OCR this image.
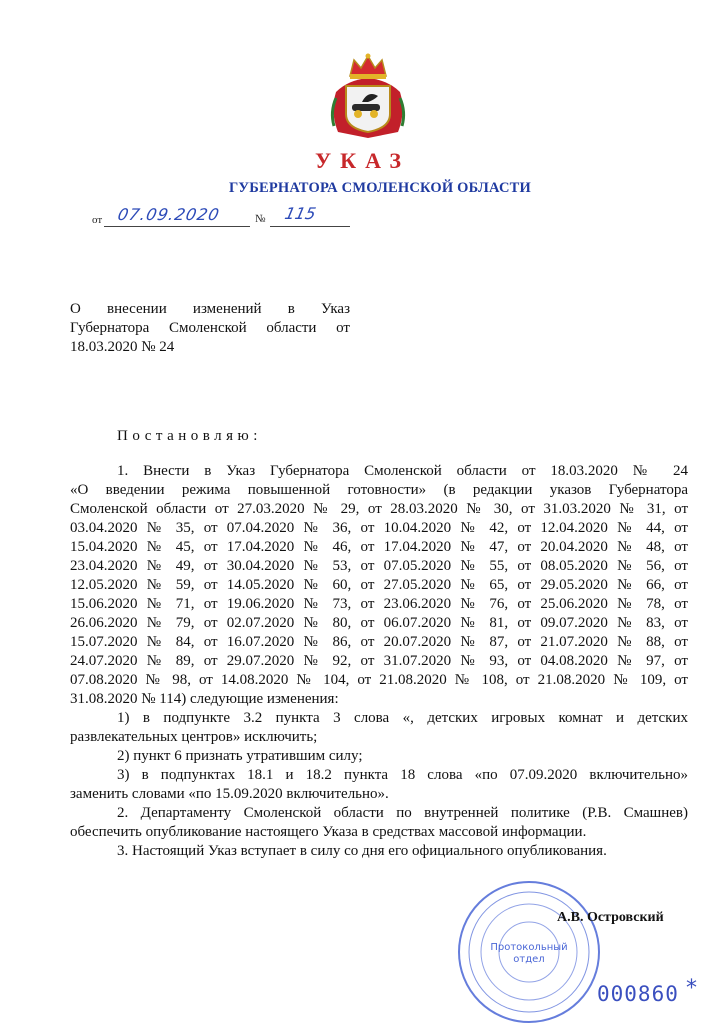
УКАЗ
ГУБЕРНАТОРА СМОЛЕНСКОЙ ОБЛАСТИ
от 07.09.2020	№ 115
О внесении изменений в Указ
Губернатора Смоленской области от
18.03.2020 № 24
Постановляю:
1. Внести в Указ Губернатора Смоленской области от 18.03.2020 № 24
«О введении режима повышенной готовности» (в редакции указов Губернатора
Смоленской области от 27.03.2020 № 29, от 28.03.2020 № 30, от 31.03.2020 № 31, от
03.04.2020 № 35, от 07.04.2020 № 36, от 10.04.2020 № 42, от 12.04.2020 № 44, от
15.04.2020 № 45, от 17.04.2020 № 46, от 17.04.2020 № 47, от 20.04.2020 № 48, от
23.04.2020 № 49, от 30.04.2020 № 53, от 07.05.2020 № 55, от 08.05.2020 № 56, от
12.05.2020 № 59, от 14.05.2020 № 60, от 27.05.2020 № 65, от 29.05.2020 № 66, от
15.06.2020 № 71, от 19.06.2020 № 73, от 23.06.2020 № 76, от 25.06.2020 № 78, от
26.06.2020 № 79, от 02.07.2020 № 80, от 06.07.2020 № 81, от 09.07.2020 № 83, от
15.07.2020 № 84, от 16.07.2020 № 86, от 20.07.2020 № 87, от 21.07.2020 № 88, от
24.07.2020 № 89, от 29.07.2020 № 92, от 31.07.2020 № 93, от 04.08.2020 № 97, от
07.08.2020 № 98, от 14.08.2020 № 104, от 21.08.2020 № 108, от 21.08.2020 № 109, от
31.08.2020 № 114) следующие изменения:
1) в подпункте 3.2 пункта 3 слова «, детских игровых комнат и детских
развлекательных центров» исключить;
2) пункт 6 признать утратившим силу;
3) в подпунктах 18.1 и 18.2 пункта 18 слова «по 07.09.2020 включительно»
заменить словами «по 15.09.2020 включительно».
2. Департаменту Смоленской области по внутренней политике (Р.В. Смашнев)
обеспечить опубликование настоящего Указа в средствах массовой информации.
3. Настоящий Указ вступает в силу со дня его официального опубликования.
Протокольный
отдел
А.В. Островский
000860 *
